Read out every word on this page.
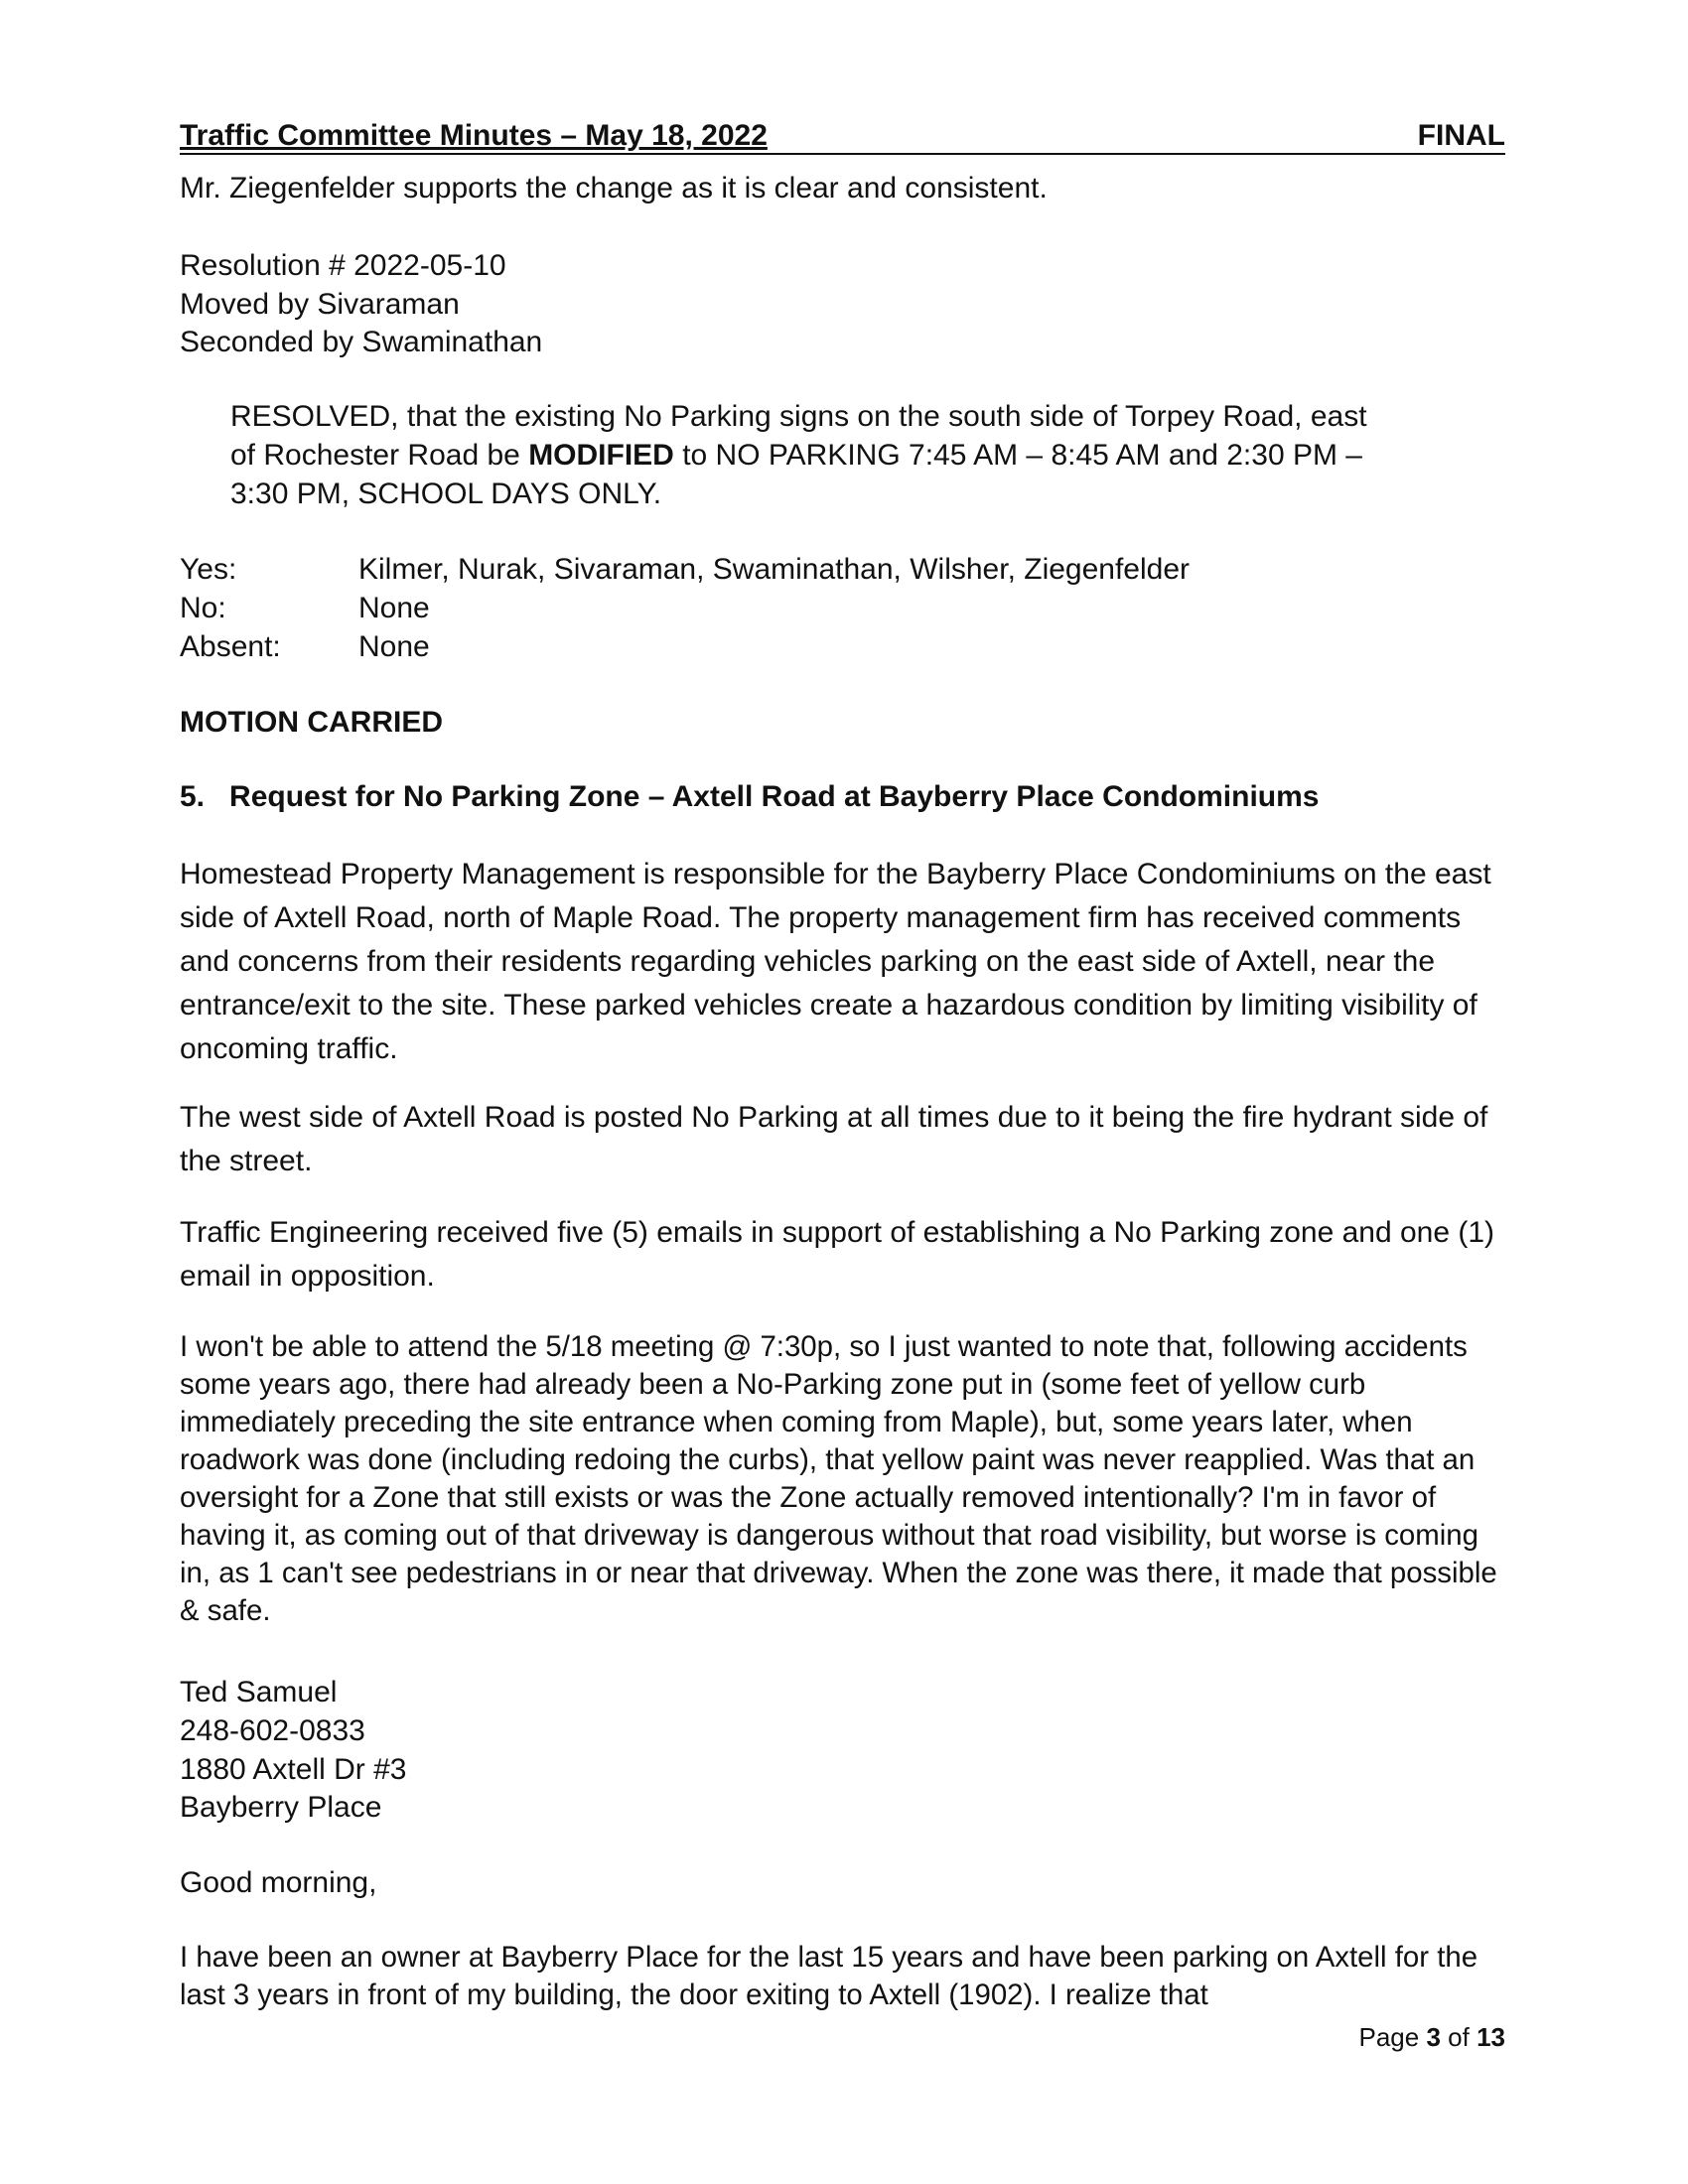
Traffic Committee Minutes – May 18, 2022	FINAL
Mr. Ziegenfelder supports the change as it is clear and consistent.
Resolution # 2022-05-10
Moved by Sivaraman
Seconded by Swaminathan
RESOLVED, that the existing No Parking signs on the south side of Torpey Road, east
of Rochester Road be MODIFIED to NO PARKING 7:45 AM – 8:45 AM and 2:30 PM –
3:30 PM, SCHOOL DAYS ONLY.
Yes:	Kilmer, Nurak, Sivaraman, Swaminathan, Wilsher, Ziegenfelder
No:	None
Absent:	None
MOTION CARRIED
5.   Request for No Parking Zone – Axtell Road at Bayberry Place Condominiums
Homestead Property Management is responsible for the Bayberry Place Condominiums on the east side of Axtell Road, north of Maple Road. The property management firm has received comments and concerns from their residents regarding vehicles parking on the east side of Axtell, near the entrance/exit to the site. These parked vehicles create a hazardous condition by limiting visibility of oncoming traffic.
The west side of Axtell Road is posted No Parking at all times due to it being the fire hydrant side of the street.
Traffic Engineering received five (5) emails in support of establishing a No Parking zone and one (1) email in opposition.
I won't be able to attend the 5/18 meeting @ 7:30p, so I just wanted to note that, following accidents some years ago, there had already been a No-Parking zone put in (some feet of yellow curb immediately preceding the site entrance when coming from Maple), but, some years later, when roadwork was done (including redoing the curbs), that yellow paint was never reapplied. Was that an oversight for a Zone that still exists or was the Zone actually removed intentionally? I'm in favor of having it, as coming out of that driveway is dangerous without that road visibility, but worse is coming in, as 1 can't see pedestrians in or near that driveway. When the zone was there, it made that possible & safe.
Ted Samuel
248-602-0833
1880 Axtell Dr #3
Bayberry Place
Good morning,
I have been an owner at Bayberry Place for the last 15 years and have been parking on Axtell for the last 3 years in front of my building, the door exiting to Axtell (1902). I realize that
Page 3 of 13
